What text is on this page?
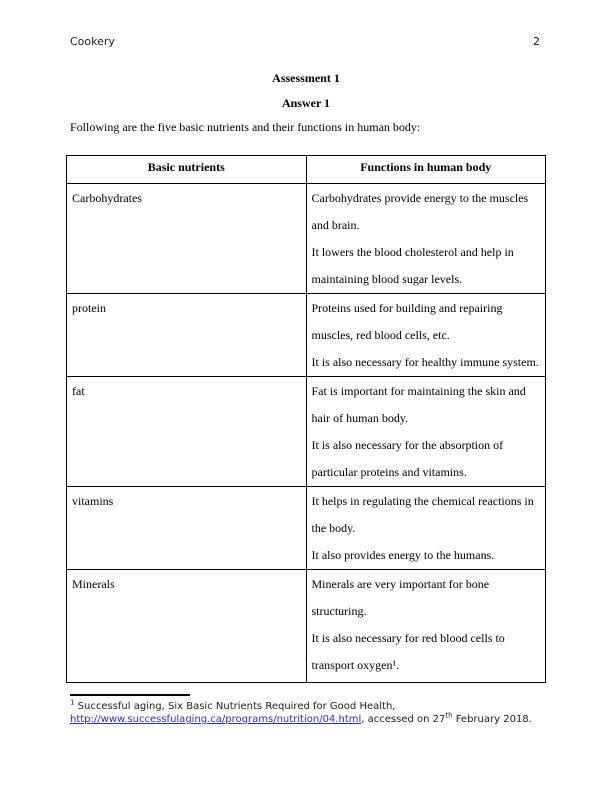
Cookery	2
Assessment 1
Answer 1

Following are the five basic nutrients and their functions in human body:

Basic nutrients	Functions in human body
Carbohydrates	Carbohydrates provide energy to the muscles
and brain.
It lowers the blood cholesterol and help in
maintaining blood sugar levels.

protein	Proteins used for building and repairing
muscles, red blood cells, etc.
It is also necessary for healthy immune system.

fat	Fat is important for maintaining the skin and
hair of human body.
It is also necessary for the absorption of
particular proteins and vitamins.

vitamins	It helps in regulating the chemical reactions in
the body.
It also provides energy to the humans.

Minerals	Minerals are very important for bone
structuring.
It is also necessary for red blood cells to
transport oxygen¹.
$^1$ Successful aging, Six Basic Nutrients Required for Good Health,
http://www.successfulaging.ca/programs/nutrition/04.html, accessed on 27th February 2018.
